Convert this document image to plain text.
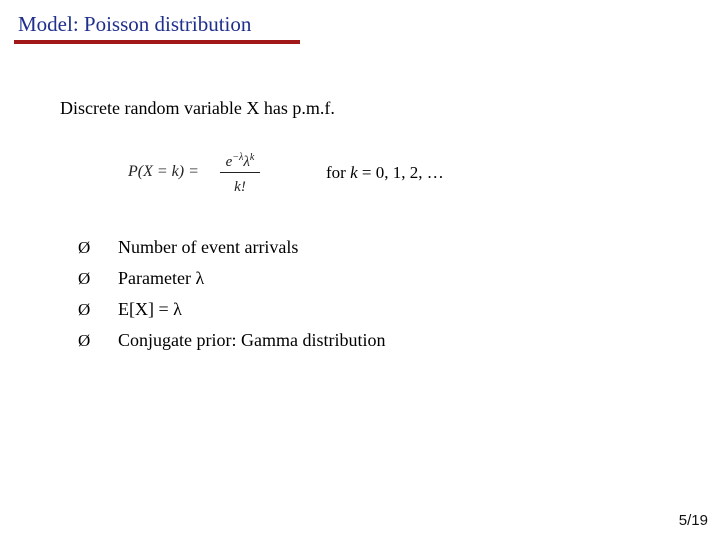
Model: Poisson distribution
Discrete random variable X has p.m.f.
P(X = k) =
$e^{-\lambda}\lambda^k$
k!
for k = 0, 1, 2, …
Ø	Number of event arrivals
Ø	Parameter λ
Ø	E[X] = λ
Ø	Conjugate prior: Gamma distribution
5/19
